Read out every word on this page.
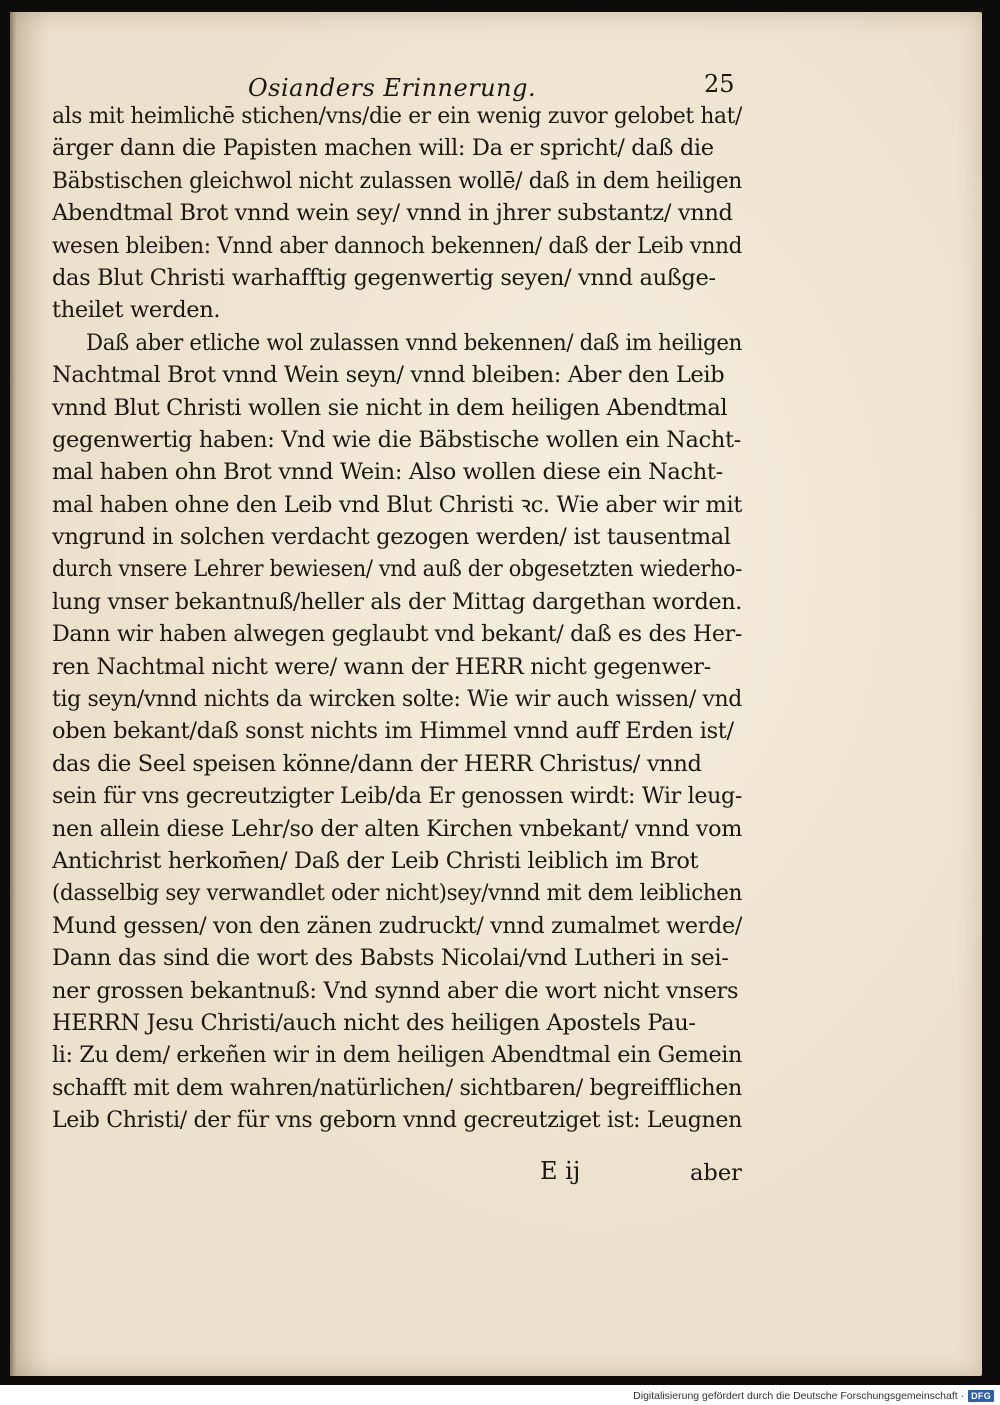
Osianders Erinnerung.	25
als mit heimlichē stichen/vns/die er ein wenig zuvor gelobet hat/
ärger dann die Papisten machen will: Da er spricht/ daß die
Bäbstischen gleichwol nicht zulassen wollē/ daß in dem heiligen
Abendtmal Brot vnnd wein sey/ vnnd in jhrer substantz/ vnnd
wesen bleiben: Vnnd aber dannoch bekennen/ daß der Leib vnnd
das Blut Christi warhafftig gegenwertig seyen/ vnnd außge-
theilet werden.
Daß aber etliche wol zulassen vnnd bekennen/ daß im heiligen
Nachtmal Brot vnnd Wein seyn/ vnnd bleiben: Aber den Leib
vnnd Blut Christi wollen sie nicht in dem heiligen Abendtmal
gegenwertig haben: Vnd wie die Bäbstische wollen ein Nacht-
mal haben ohn Brot vnnd Wein: Also wollen diese ein Nacht-
mal haben ohne den Leib vnd Blut Christi ꝛc. Wie aber wir mit
vngrund in solchen verdacht gezogen werden/ ist tausentmal
durch vnsere Lehrer bewiesen/ vnd auß der obgesetzten wiederho-
lung vnser bekantnuß/heller als der Mittag dargethan worden.
Dann wir haben alwegen geglaubt vnd bekant/ daß es des Her-
ren Nachtmal nicht were/ wann der HERR nicht gegenwer-
tig seyn/vnnd nichts da wircken solte: Wie wir auch wissen/ vnd
oben bekant/daß sonst nichts im Himmel vnnd auff Erden ist/
das die Seel speisen könne/dann der HERR Christus/ vnnd
sein für vns gecreutzigter Leib/da Er genossen wirdt: Wir leug-
nen allein diese Lehr/so der alten Kirchen vnbekant/ vnnd vom
Antichrist herkom̄en/ Daß der Leib Christi leiblich im Brot
(dasselbig sey verwandlet oder nicht)sey/vnnd mit dem leiblichen
Mund gessen/ von den zänen zudruckt/ vnnd zumalmet werde/
Dann das sind die wort des Babsts Nicolai/vnd Lutheri in sei-
ner grossen bekantnuß: Vnd synnd aber die wort nicht vnsers
HERRN Jesu Christi/auch nicht des heiligen Apostels Pau-
li: Zu dem/ erkeñen wir in dem heiligen Abendtmal ein Gemein
schafft mit dem wahren/natürlichen/ sichtbaren/ begreifflichen
Leib Christi/ der für vns geborn vnnd gecreutziget ist: Leugnen
E ij	aber
Digitalisierung gefördert durch die Deutsche Forschungsgemeinschaft · DFG
